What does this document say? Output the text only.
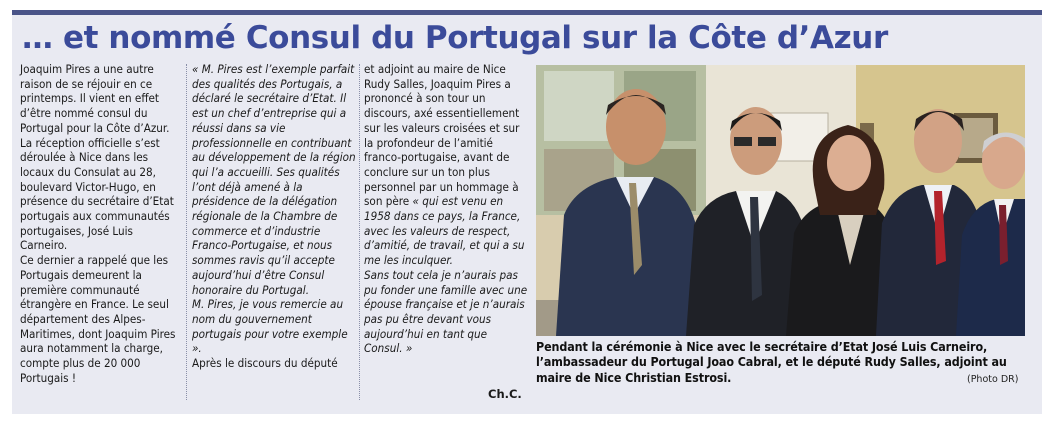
… et nommé Consul du Portugal sur la Côte d’Azur

Joaquim Pires a une autre raison de se réjouir en ce printemps. Il vient en effet d’être nommé consul du Portugal pour la Côte d’Azur. La réception officielle s’est déroulée à Nice dans les locaux du Consulat au 28, boulevard Victor-Hugo, en présence du secrétaire d’Etat portugais aux communautés portugaises, José Luis Carneiro.

Ce dernier a rappelé que les Portugais demeurent la première communauté étrangère en France. Le seul département des Alpes-Maritimes, dont Joaquim Pires aura notamment la charge, compte plus de 20 000 Portugais !

« M. Pires est l’exemple parfait des qualités des Portugais, a déclaré le secrétaire d’Etat. Il est un chef d’entreprise qui a réussi dans sa vie professionnelle en contribuant au développement de la région qui l’a accueilli. Ses qualités l’ont déjà amené à la présidence de la délégation régionale de la Chambre de commerce et d’industrie Franco-Portugaise, et nous sommes ravis qu’il accepte aujourd’hui d’être Consul honoraire du Portugal.

M. Pires, je vous remercie au nom du gouvernement portugais pour votre exemple ».

Après le discours du député

et adjoint au maire de Nice Rudy Salles, Joaquim Pires a prononcé à son tour un discours, axé essentiellement sur les valeurs croisées et sur la profondeur de l’amitié franco-portugaise, avant de conclure sur un ton plus personnel par un hommage à son père « qui est venu en 1958 dans ce pays, la France, avec les valeurs de respect, d’amitié, de travail, et qui a su me les inculquer.

Sans tout cela je n’aurais pas pu fonder une famille avec une épouse française et je n’aurais pas pu être devant vous aujourd’hui en tant que Consul. »

Ch.C.
Pendant la cérémonie à Nice avec le secrétaire d’Etat José Luis Carneiro, l’ambassadeur du Portugal Joao Cabral, et le député Rudy Salles, adjoint au maire de Nice Christian Estrosi.	(Photo DR)
